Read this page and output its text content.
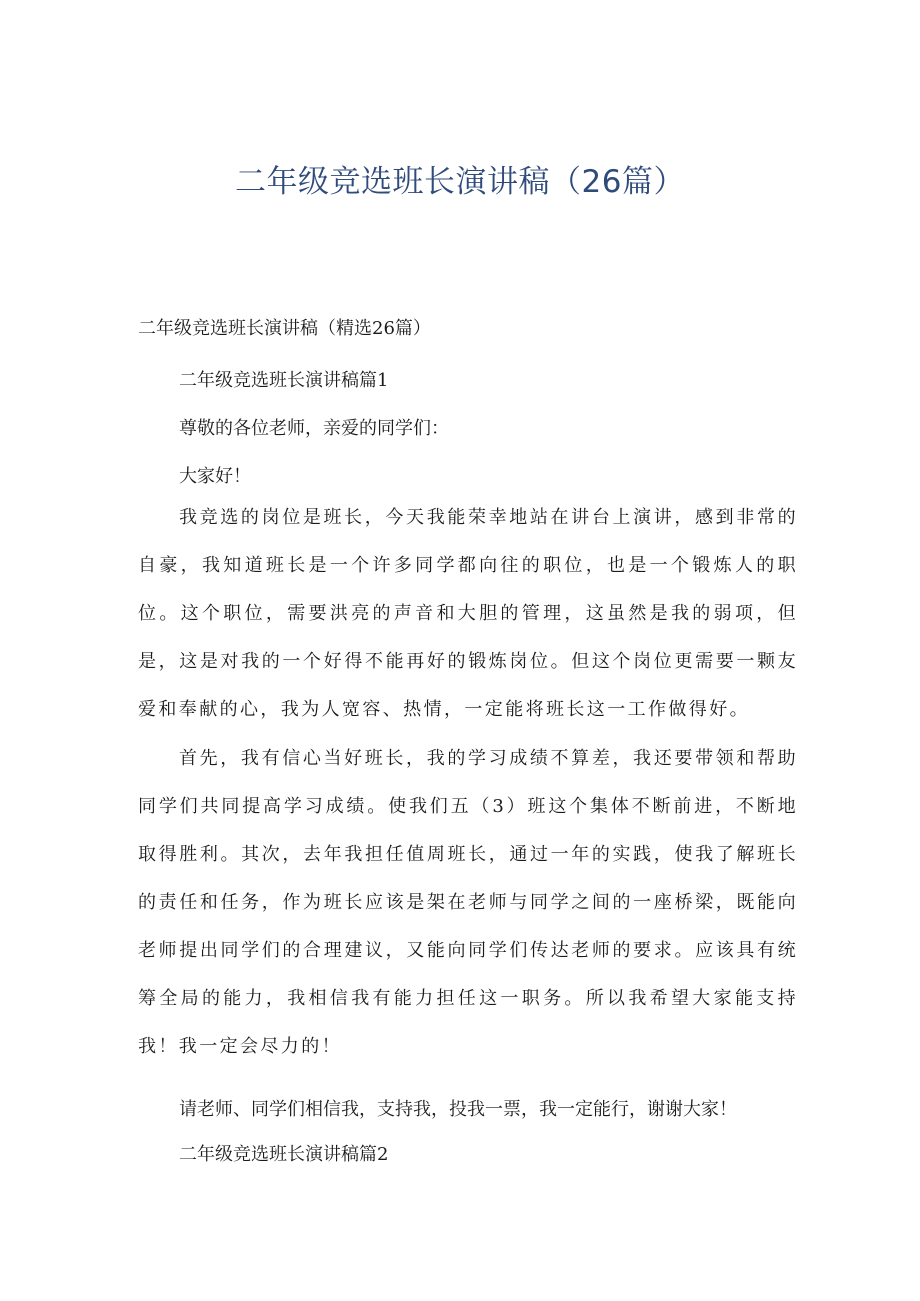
二年级竞选班长演讲稿（26篇）

二年级竞选班长演讲稿（精选26篇）

二年级竞选班长演讲稿篇1

尊敬的各位老师，亲爱的同学们：

大家好！

我竞选的岗位是班长，今天我能荣幸地站在讲台上演讲，感到非常的自豪，我知道班长是一个许多同学都向往的职位，也是一个锻炼人的职位。这个职位，需要洪亮的声音和大胆的管理，这虽然是我的弱项，但是，这是对我的一个好得不能再好的锻炼岗位。但这个岗位更需要一颗友爱和奉献的心，我为人宽容、热情，一定能将班长这一工作做得好。

首先，我有信心当好班长，我的学习成绩不算差，我还要带领和帮助同学们共同提高学习成绩。使我们五（3）班这个集体不断前进，不断地取得胜利。其次，去年我担任值周班长，通过一年的实践，使我了解班长的责任和任务，作为班长应该是架在老师与同学之间的一座桥梁，既能向老师提出同学们的合理建议，又能向同学们传达老师的要求。应该具有统筹全局的能力，我相信我有能力担任这一职务。所以我希望大家能支持我！我一定会尽力的！

请老师、同学们相信我，支持我，投我一票，我一定能行，谢谢大家！

二年级竞选班长演讲稿篇2
